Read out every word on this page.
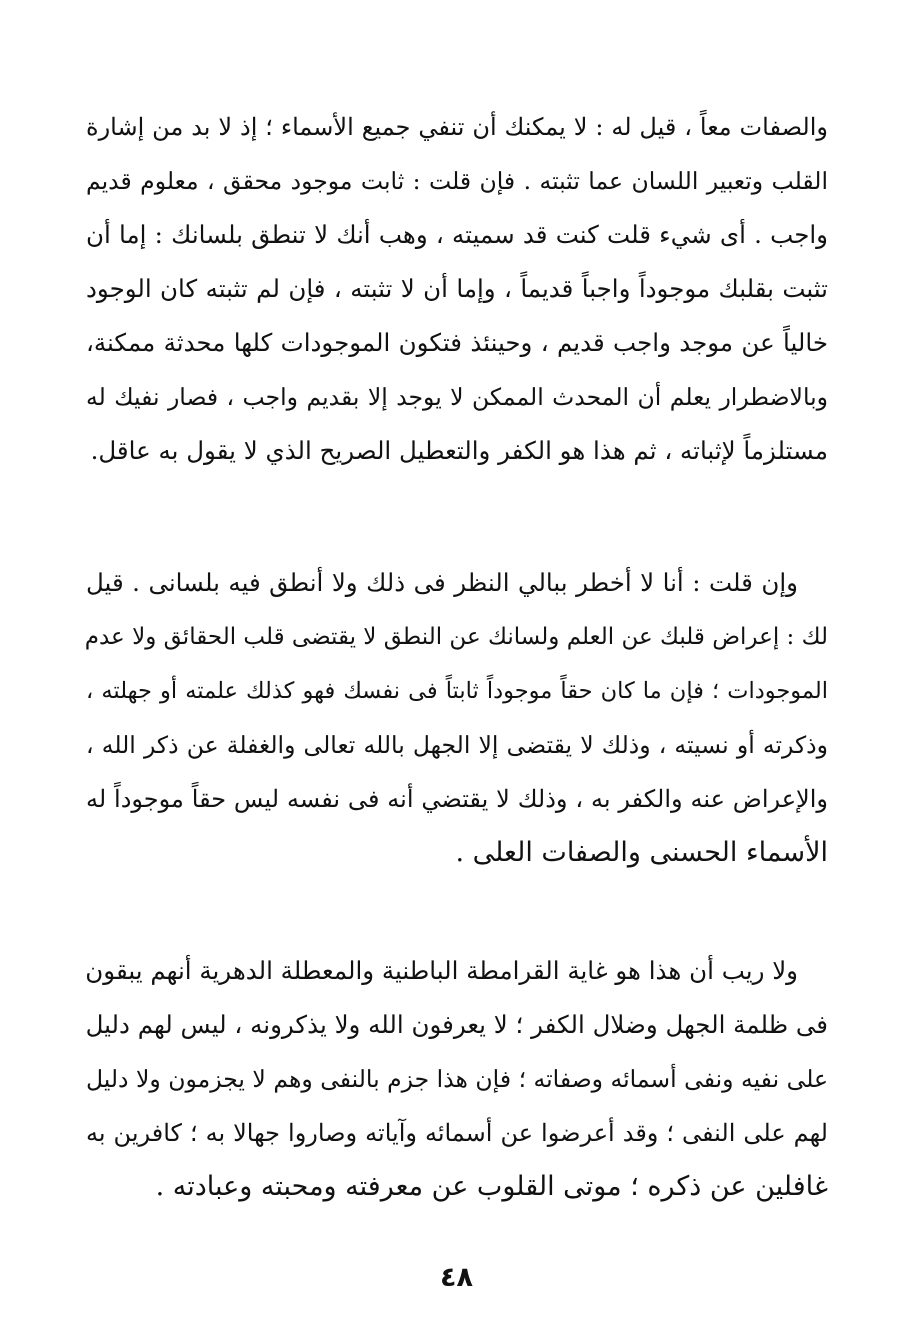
والصفات معاً ، قيل له : لا يمكنك أن تنفي جميع الأسماء ؛ إذ لا بد من إشارة
القلب وتعبير اللسان عما تثبته . فإن قلت : ثابت موجود محقق ، معلوم قديم
واجب . أى شيء قلت كنت قد سميته ، وهب أنك لا تنطق بلسانك : إما أن
تثبت بقلبك موجوداً واجباً قديماً ، وإما أن لا تثبته ، فإن لم تثبته كان الوجود
خالياً عن موجد واجب قديم ، وحينئذ فتكون الموجودات كلها محدثة ممكنة،
وبالاضطرار يعلم أن المحدث الممكن لا يوجد إلا بقديم واجب ، فصار نفيك له
مستلزماً لإثباته ، ثم هذا هو الكفر والتعطيل الصريح الذي لا يقول به عاقل.
وإن قلت : أنا لا أخطر ببالي النظر فى ذلك ولا أنطق فيه بلسانى . قيل
لك : إعراض قلبك عن العلم ولسانك عن النطق لا يقتضى قلب الحقائق ولا عدم
الموجودات ؛ فإن ما كان حقاً موجوداً ثابتاً فى نفسك فهو كذلك علمته أو جهلته ،
وذكرته أو نسيته ، وذلك لا يقتضى إلا الجهل بالله تعالى والغفلة عن ذكر الله ،
والإعراض عنه والكفر به ، وذلك لا يقتضي أنه فى نفسه ليس حقاً موجوداً له
الأسماء الحسنى والصفات العلى .
ولا ريب أن هذا هو غاية القرامطة الباطنية والمعطلة الدهرية أنهم يبقون
فى ظلمة الجهل وضلال الكفر ؛ لا يعرفون الله ولا يذكرونه ، ليس لهم دليل
على نفيه ونفى أسمائه وصفاته ؛ فإن هذا جزم بالنفى وهم لا يجزمون ولا دليل
لهم على النفى ؛ وقد أعرضوا عن أسمائه وآياته وصاروا جهالا به ؛ كافرين به
غافلين عن ذكره ؛ موتى القلوب عن معرفته ومحبته وعبادته .
٤٨
